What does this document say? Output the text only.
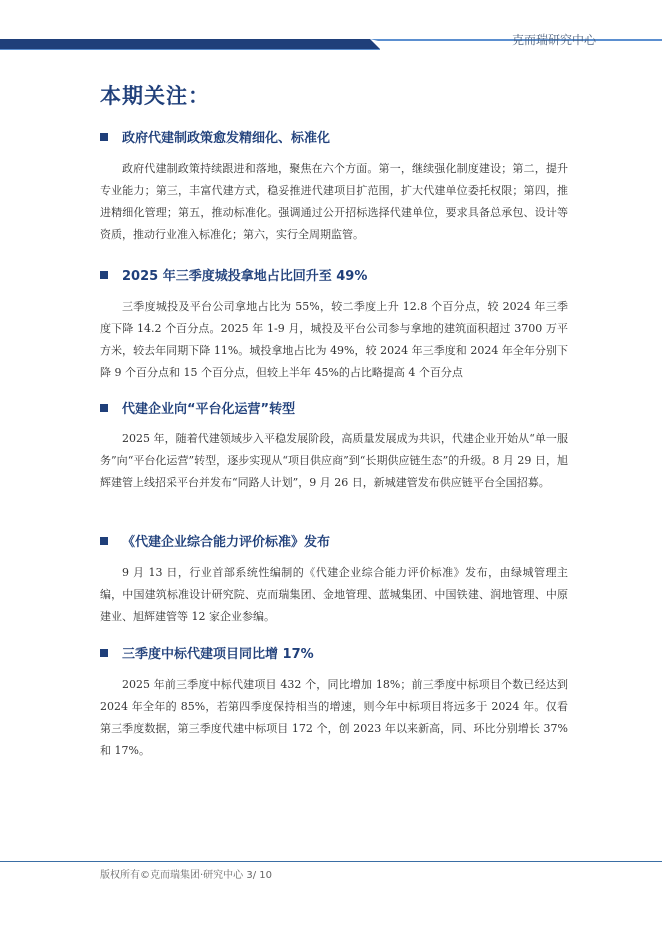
克而瑞研究中心
本期关注：
政府代建制政策愈发精细化、标准化
政府代建制政策持续跟进和落地，聚焦在六个方面。第一，继续强化制度建设；第二，提升专业能力；第三，丰富代建方式，稳妥推进代建项目扩范围，扩大代建单位委托权限；第四，推进精细化管理；第五，推动标准化。强调通过公开招标选择代建单位，要求具备总承包、设计等资质，推动行业准入标准化；第六，实行全周期监管。
2025 年三季度城投拿地占比回升至 49%
三季度城投及平台公司拿地占比为 55%，较二季度上升 12.8 个百分点，较 2024 年三季度下降 14.2 个百分点。2025 年 1-9 月，城投及平台公司参与拿地的建筑面积超过 3700 万平方米，较去年同期下降 11%。城投拿地占比为 49%，较 2024 年三季度和 2024 年全年分别下降 9 个百分点和 15 个百分点，但较上半年 45%的占比略提高 4 个百分点
代建企业向“平台化运营”转型
2025 年，随着代建领域步入平稳发展阶段，高质量发展成为共识，代建企业开始从“单一服务”向“平台化运营”转型，逐步实现从“项目供应商”到“长期供应链生态”的升级。8 月 29 日，旭辉建管上线招采平台并发布“同路人计划”，9 月 26 日，新城建管发布供应链平台全国招募。
《代建企业综合能力评价标准》发布
9 月 13 日，行业首部系统性编制的《代建企业综合能力评价标准》发布，由绿城管理主编，中国建筑标准设计研究院、克而瑞集团、金地管理、蓝城集团、中国铁建、润地管理、中原建业、旭辉建管等 12 家企业参编。
三季度中标代建项目同比增 17%
2025 年前三季度中标代建项目 432 个，同比增加 18%；前三季度中标项目个数已经达到 2024 年全年的 85%，若第四季度保持相当的增速，则今年中标项目将远多于 2024 年。仅看第三季度数据，第三季度代建中标项目 172 个，创 2023 年以来新高，同、环比分别增长 37%和 17%。
版权所有©克而瑞集团·研究中心 3/ 10
